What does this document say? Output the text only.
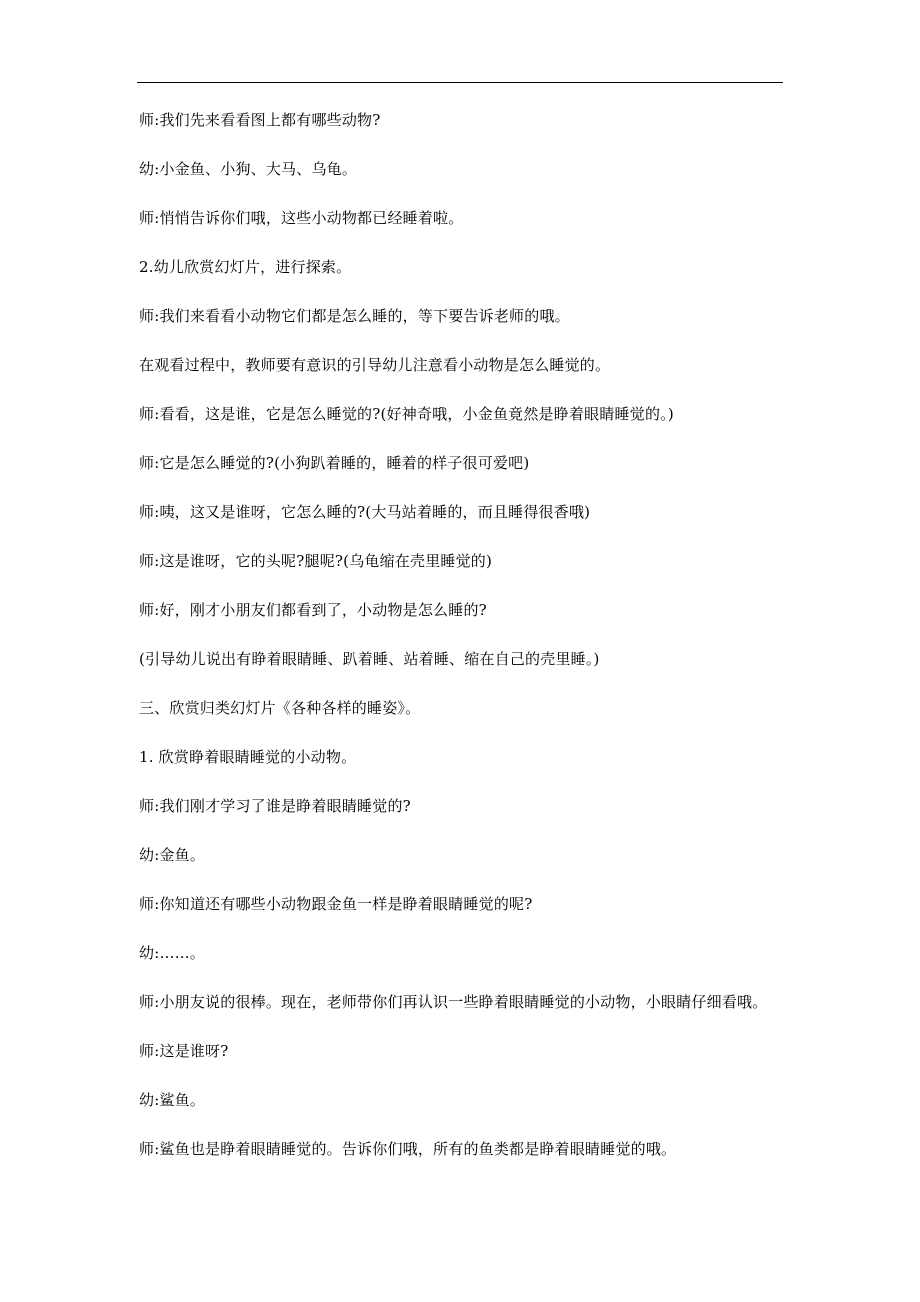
师:我们先来看看图上都有哪些动物?

幼:小金鱼、小狗、大马、乌龟。

师:悄悄告诉你们哦，这些小动物都已经睡着啦。

2.幼儿欣赏幻灯片，进行探索。

师:我们来看看小动物它们都是怎么睡的，等下要告诉老师的哦。

在观看过程中，教师要有意识的引导幼儿注意看小动物是怎么睡觉的。

师:看看，这是谁，它是怎么睡觉的?(好神奇哦，小金鱼竟然是睁着眼睛睡觉的。)

师:它是怎么睡觉的?(小狗趴着睡的，睡着的样子很可爱吧)

师:咦，这又是谁呀，它怎么睡的?(大马站着睡的，而且睡得很香哦)

师:这是谁呀，它的头呢?腿呢?(乌龟缩在壳里睡觉的)

师:好，刚才小朋友们都看到了，小动物是怎么睡的?

(引导幼儿说出有睁着眼睛睡、趴着睡、站着睡、缩在自己的壳里睡。)

三、欣赏归类幻灯片《各种各样的睡姿》。

1. 欣赏睁着眼睛睡觉的小动物。

师:我们刚才学习了谁是睁着眼睛睡觉的?

幼:金鱼。

师:你知道还有哪些小动物跟金鱼一样是睁着眼睛睡觉的呢?

幼:……。

师:小朋友说的很棒。现在，老师带你们再认识一些睁着眼睛睡觉的小动物，小眼睛仔细看哦。

师:这是谁呀?

幼:鲨鱼。

师:鲨鱼也是睁着眼睛睡觉的。告诉你们哦，所有的鱼类都是睁着眼睛睡觉的哦。
